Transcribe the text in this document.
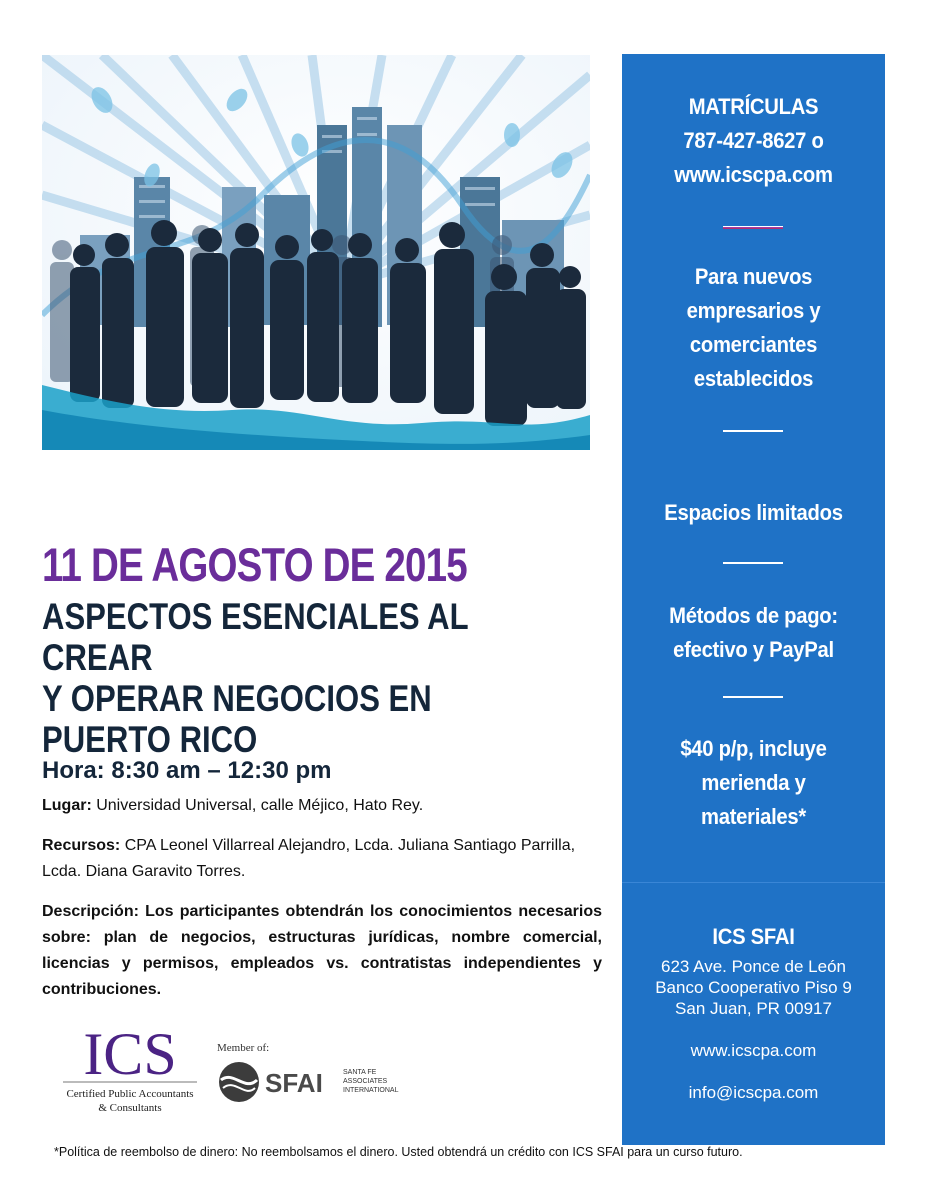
MATRÍCULAS
787-427-8627 o
www.icscpa.com
Para nuevos
empresarios y
comerciantes
establecidos
Espacios limitados
Métodos de pago:
efectivo y PayPal
$40 p/p, incluye
merienda y
materiales*
ICS SFAI
623 Ave. Ponce de León
Banco Cooperativo Piso 9
San Juan, PR 00917
www.icscpa.com
info@icscpa.com
11 DE AGOSTO DE 2015
ASPECTOS ESENCIALES AL CREAR
Y OPERAR NEGOCIOS EN
PUERTO RICO
Hora: 8:30 am – 12:30 pm
Lugar: Universidad Universal, calle Méjico, Hato Rey.
Recursos: CPA Leonel Villarreal Alejandro, Lcda. Juliana Santiago Parrilla, Lcda. Diana Garavito Torres.
Descripción: Los participantes obtendrán los conocimientos necesarios sobre: plan de negocios, estructuras jurídicas, nombre comercial, licencias y permisos, empleados vs. contratistas independientes y contribuciones.
ICS
Certified Public Accountants
& Consultants
Member of:
SFAI	SANTA FE
ASSOCIATES
INTERNATIONAL
*Política de reembolso de dinero: No reembolsamos el dinero. Usted obtendrá un crédito con ICS SFAI para un curso futuro.
